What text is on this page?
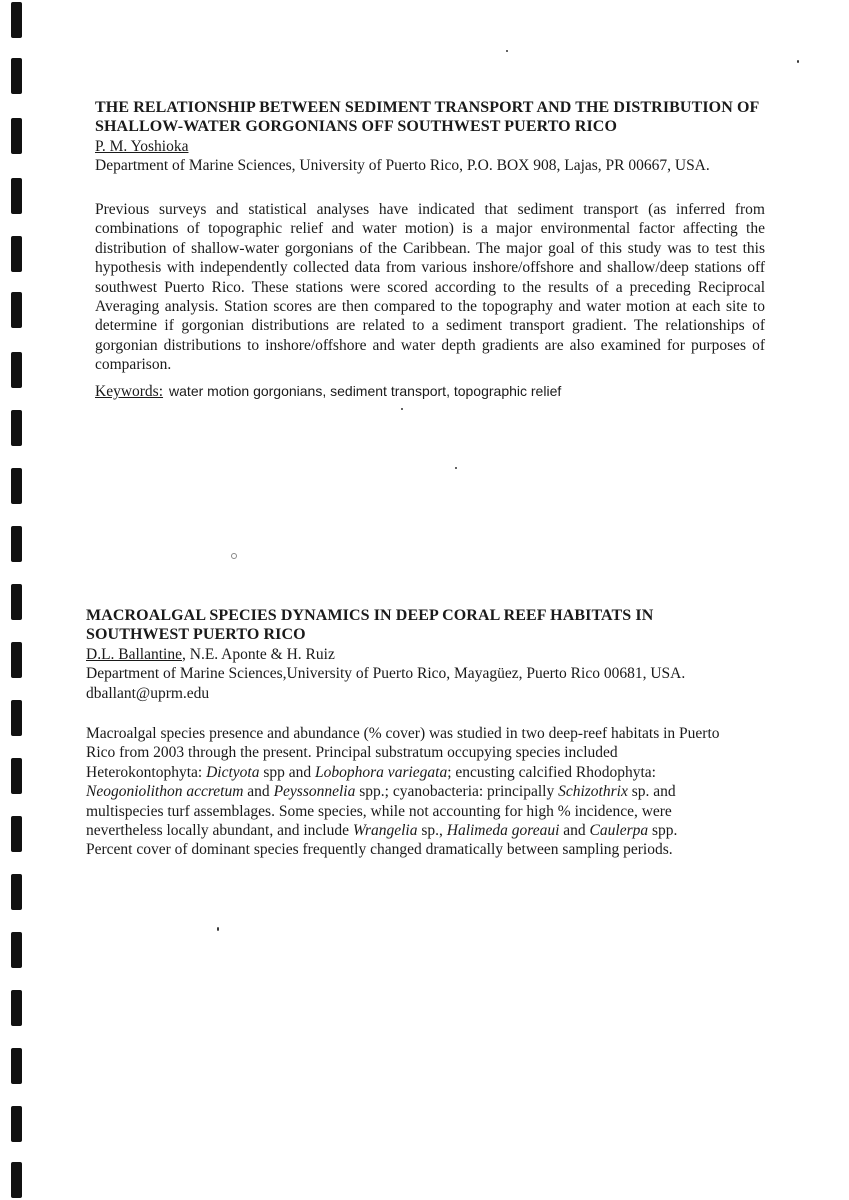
THE RELATIONSHIP BETWEEN SEDIMENT TRANSPORT AND THE DISTRIBUTION OF SHALLOW-WATER GORGONIANS OFF SOUTHWEST PUERTO RICO
P. M. Yoshioka
Department of Marine Sciences, University of Puerto Rico, P.O. BOX 908, Lajas, PR 00667, USA.

Previous surveys and statistical analyses have indicated that sediment transport (as inferred from combinations of topographic relief and water motion) is a major environmental factor affecting the distribution of shallow-water gorgonians of the Caribbean. The major goal of this study was to test this hypothesis with independently collected data from various inshore/offshore and shallow/deep stations off southwest Puerto Rico. These stations were scored according to the results of a preceding Reciprocal Averaging analysis. Station scores are then compared to the topography and water motion at each site to determine if gorgonian distributions are related to a sediment transport gradient. The relationships of gorgonian distributions to inshore/offshore and water depth gradients are also examined for purposes of comparison.

Keywords: water motion gorgonians, sediment transport, topographic relief
MACROALGAL SPECIES DYNAMICS IN DEEP CORAL REEF HABITATS IN SOUTHWEST PUERTO RICO
D.L. Ballantine, N.E. Aponte & H. Ruiz
Department of Marine Sciences,University of Puerto Rico, Mayagüez, Puerto Rico 00681, USA.
dballant@uprm.edu

Macroalgal species presence and abundance (% cover) was studied in two deep-reef habitats in Puerto Rico from 2003 through the present. Principal substratum occupying species included Heterokontophyta: Dictyota spp and Lobophora variegata; encusting calcified Rhodophyta: Neogoniolithon accretum and Peyssonnelia spp.; cyanobacteria: principally Schizothrix sp. and multispecies turf assemblages. Some species, while not accounting for high % incidence, were nevertheless locally abundant, and include Wrangelia sp., Halimeda goreaui and Caulerpa spp. Percent cover of dominant species frequently changed dramatically between sampling periods.
